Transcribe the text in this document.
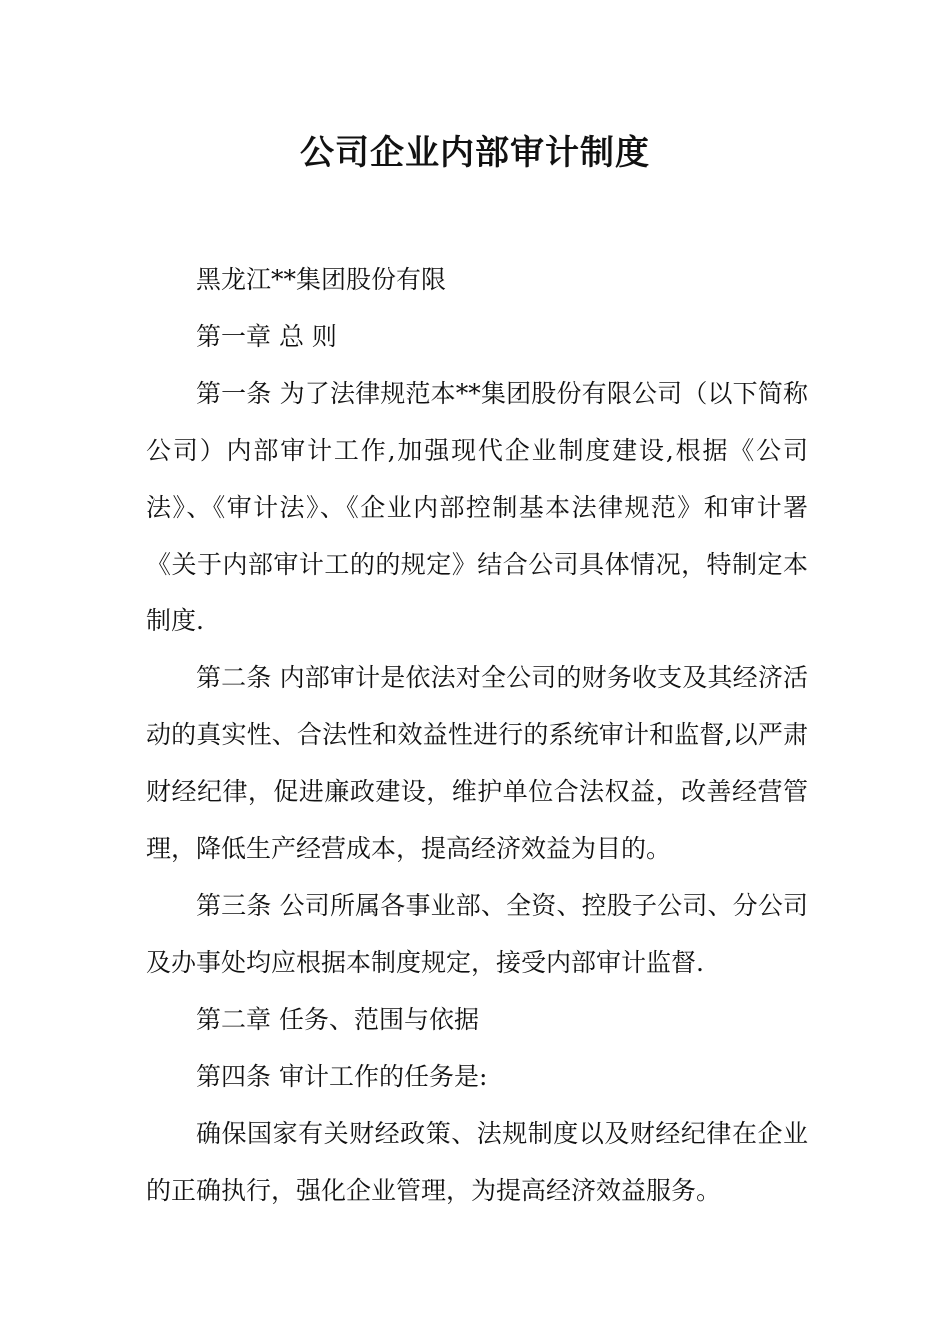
公司企业内部审计制度

黑龙江**集团股份有限

第一章 总 则

第一条 为了法律规范本**集团股份有限公司（以下简称公司）内部审计工作,加强现代企业制度建设,根据《公司法》、《审计法》、《企业内部控制基本法律规范》和审计署《关于内部审计工的的规定》结合公司具体情况，特制定本制度.

第二条 内部审计是依法对全公司的财务收支及其经济活动的真实性、合法性和效益性进行的系统审计和监督,以严肃财经纪律，促进廉政建设，维护单位合法权益，改善经营管理，降低生产经营成本，提高经济效益为目的。

第三条 公司所属各事业部、全资、控股子公司、分公司及办事处均应根据本制度规定，接受内部审计监督.

第二章 任务、范围与依据

第四条 审计工作的任务是:

确保国家有关财经政策、法规制度以及财经纪律在企业的正确执行，强化企业管理，为提高经济效益服务。
